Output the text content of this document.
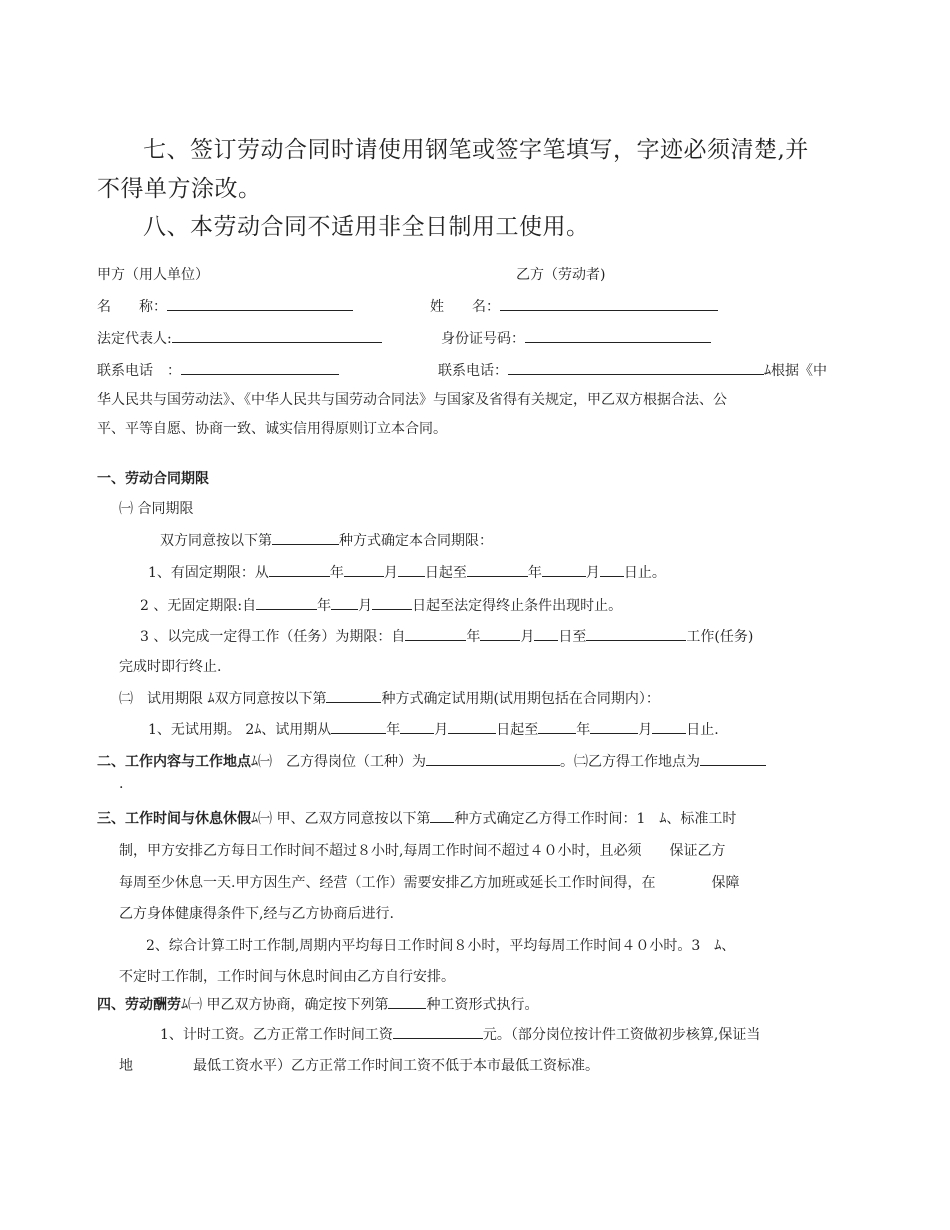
七、签订劳动合同时请使用钢笔或签字笔填写，字迹必须清楚,并
不得单方涂改。
八、本劳动合同不适用非全日制用工使用。
甲方（用人单位）	乙方（劳动者)
名　　称：	姓　　名：
法定代表人:	身份证号码：
联系电话　：	联系电话：	ﾑ根据《中
华人民共与国劳动法》、《中华人民共与国劳动合同法》与国家及省得有关规定，甲乙双方根据合法、公
平、平等自愿、协商一致、诚实信用得原则订立本合同。
一、劳动合同期限
㈠ 合同期限
双方同意按以下第	种方式确定本合同期限：
1、有固定期限：从	年	月 日起至	年	月 日止。
2 、无固定期限:自	年 月	日起至法定得终止条件出现时止。
3 、以完成一定得工作（任务）为期限：自	年	月 日至	工作(任务)
完成时即行终止.
㈡　试用期限 ﾑ双方同意按以下第	种方式确定试用期(试用期包括在合同期内）：
1、无试用期。 2ﾑ、试用期从	年 月	日起至	年	月 日止.
二、工作内容与工作地点ﾑ㈠　乙方得岗位（工种）为	。㈡乙方得工作地点为
.
三、工作时间与休息休假ﾑ㈠ 甲、乙双方同意按以下第 种方式确定乙方得工作时间：1　ﾑ、标准工时
制，甲方安排乙方每日工作时间不超过８小时,每周工作时间不超过４０小时，且必须　　保证乙方
每周至少休息一天.甲方因生产、经营（工作）需要安排乙方加班或延长工作时间得，在　　　　保障
乙方身体健康得条件下,经与乙方协商后进行.
2、综合计算工时工作制,周期内平均每日工作时间８小时，平均每周工作时间４０小时。3　ﾑ、
不定时工作制，工作时间与休息时间由乙方自行安排。
四、劳动酬劳ﾑ㈠ 甲乙双方协商，确定按下列第	种工资形式执行。
1、计时工资。乙方正常工作时间工资	元。（部分岗位按计件工资做初步核算,保证当
地	最低工资水平）乙方正常工作时间工资不低于本市最低工资标准。
